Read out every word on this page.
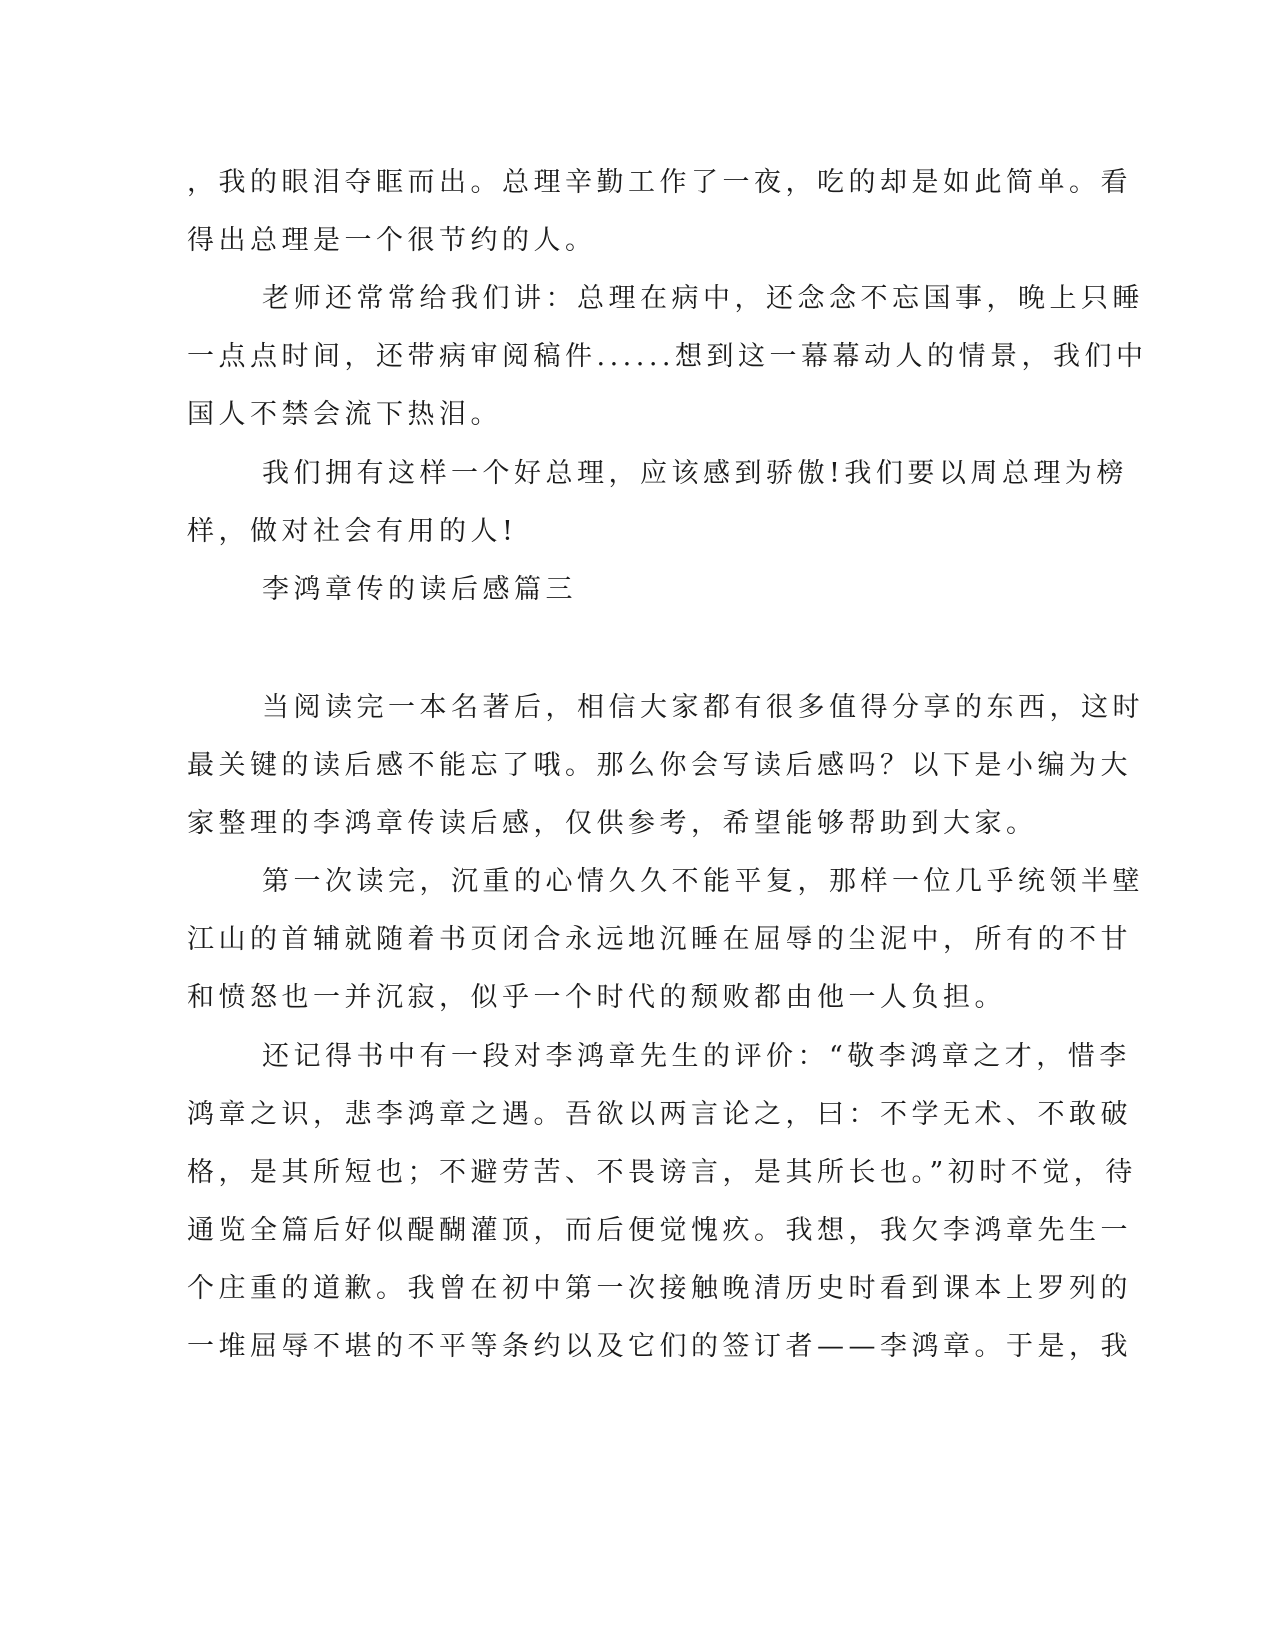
，我的眼泪夺眶而出。总理辛勤工作了一夜，吃的却是如此简单。看
得出总理是一个很节约的人。
老师还常常给我们讲：总理在病中，还念念不忘国事，晚上只睡
一点点时间，还带病审阅稿件......想到这一幕幕动人的情景，我们中
国人不禁会流下热泪。
我们拥有这样一个好总理，应该感到骄傲!我们要以周总理为榜
样，做对社会有用的人!
李鸿章传的读后感篇三
当阅读完一本名著后，相信大家都有很多值得分享的东西，这时
最关键的读后感不能忘了哦。那么你会写读后感吗？以下是小编为大
家整理的李鸿章传读后感，仅供参考，希望能够帮助到大家。
第一次读完，沉重的心情久久不能平复，那样一位几乎统领半壁
江山的首辅就随着书页闭合永远地沉睡在屈辱的尘泥中，所有的不甘
和愤怒也一并沉寂，似乎一个时代的颓败都由他一人负担。
还记得书中有一段对李鸿章先生的评价：“敬李鸿章之才，惜李
鸿章之识，悲李鸿章之遇。吾欲以两言论之，曰：不学无术、不敢破
格，是其所短也；不避劳苦、不畏谤言，是其所长也。”初时不觉，待
通览全篇后好似醍醐灌顶，而后便觉愧疚。我想，我欠李鸿章先生一
个庄重的道歉。我曾在初中第一次接触晚清历史时看到课本上罗列的
一堆屈辱不堪的不平等条约以及它们的签订者——李鸿章。于是，我
